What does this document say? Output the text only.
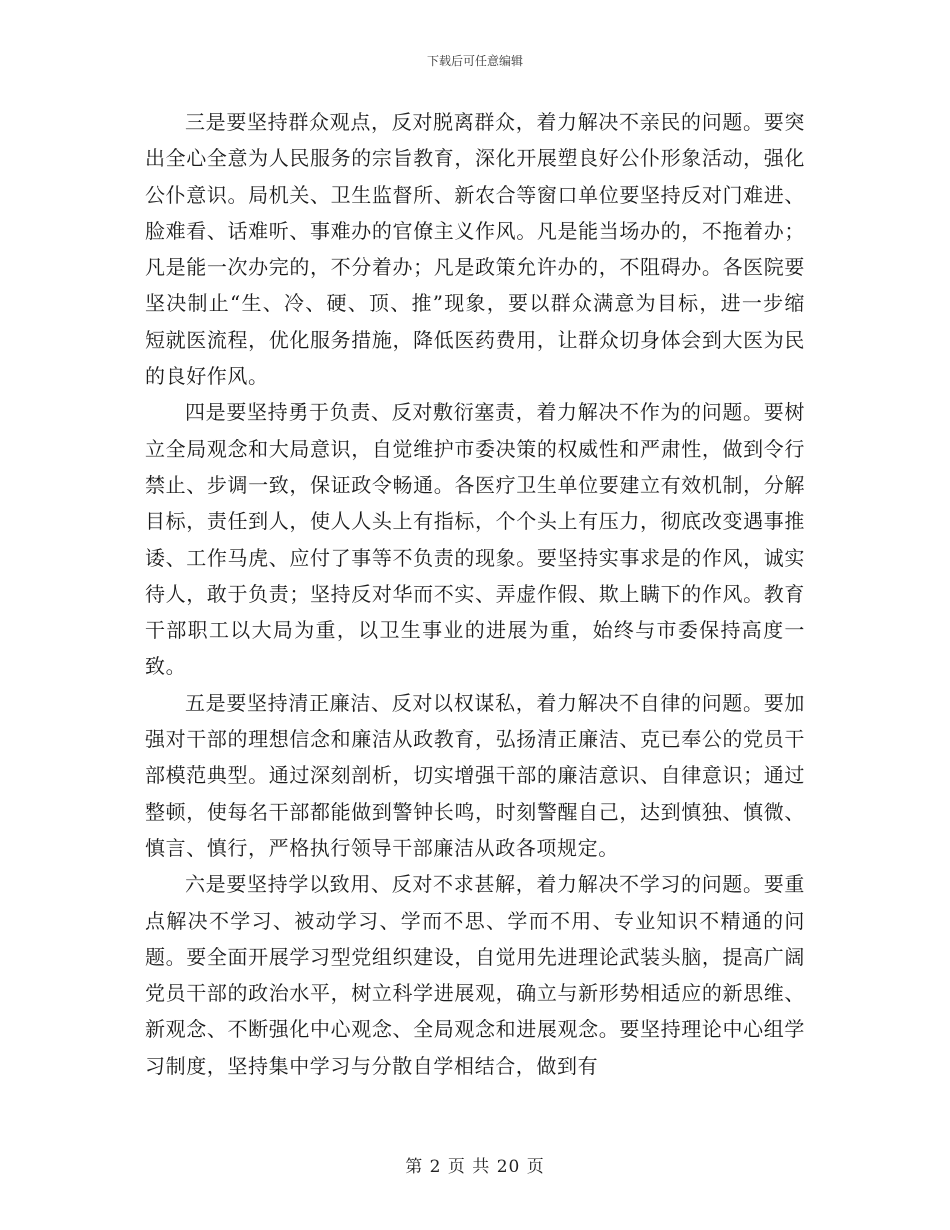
下载后可任意编辑

三是要坚持群众观点，反对脱离群众，着力解决不亲民的问题。要突出全心全意为人民服务的宗旨教育，深化开展塑良好公仆形象活动，强化公仆意识。局机关、卫生监督所、新农合等窗口单位要坚持反对门难进、脸难看、话难听、事难办的官僚主义作风。凡是能当场办的，不拖着办；凡是能一次办完的，不分着办；凡是政策允许办的，不阻碍办。各医院要坚决制止“生、冷、硬、顶、推”现象，要以群众满意为目标，进一步缩短就医流程，优化服务措施，降低医药费用，让群众切身体会到大医为民的良好作风。

四是要坚持勇于负责、反对敷衍塞责，着力解决不作为的问题。要树立全局观念和大局意识，自觉维护市委决策的权威性和严肃性，做到令行禁止、步调一致，保证政令畅通。各医疗卫生单位要建立有效机制，分解目标，责任到人，使人人头上有指标，个个头上有压力，彻底改变遇事推诿、工作马虎、应付了事等不负责的现象。要坚持实事求是的作风，诚实待人，敢于负责；坚持反对华而不实、弄虚作假、欺上瞒下的作风。教育干部职工以大局为重，以卫生事业的进展为重，始终与市委保持高度一致。

五是要坚持清正廉洁、反对以权谋私，着力解决不自律的问题。要加强对干部的理想信念和廉洁从政教育，弘扬清正廉洁、克已奉公的党员干部模范典型。通过深刻剖析，切实增强干部的廉洁意识、自律意识；通过整顿，使每名干部都能做到警钟长鸣，时刻警醒自己，达到慎独、慎微、慎言、慎行，严格执行领导干部廉洁从政各项规定。

六是要坚持学以致用、反对不求甚解，着力解决不学习的问题。要重点解决不学习、被动学习、学而不思、学而不用、专业知识不精通的问题。要全面开展学习型党组织建设，自觉用先进理论武装头脑，提高广阔党员干部的政治水平，树立科学进展观，确立与新形势相适应的新思维、新观念、不断强化中心观念、全局观念和进展观念。要坚持理论中心组学习制度，坚持集中学习与分散自学相结合，做到有

第 2 页 共 20 页
